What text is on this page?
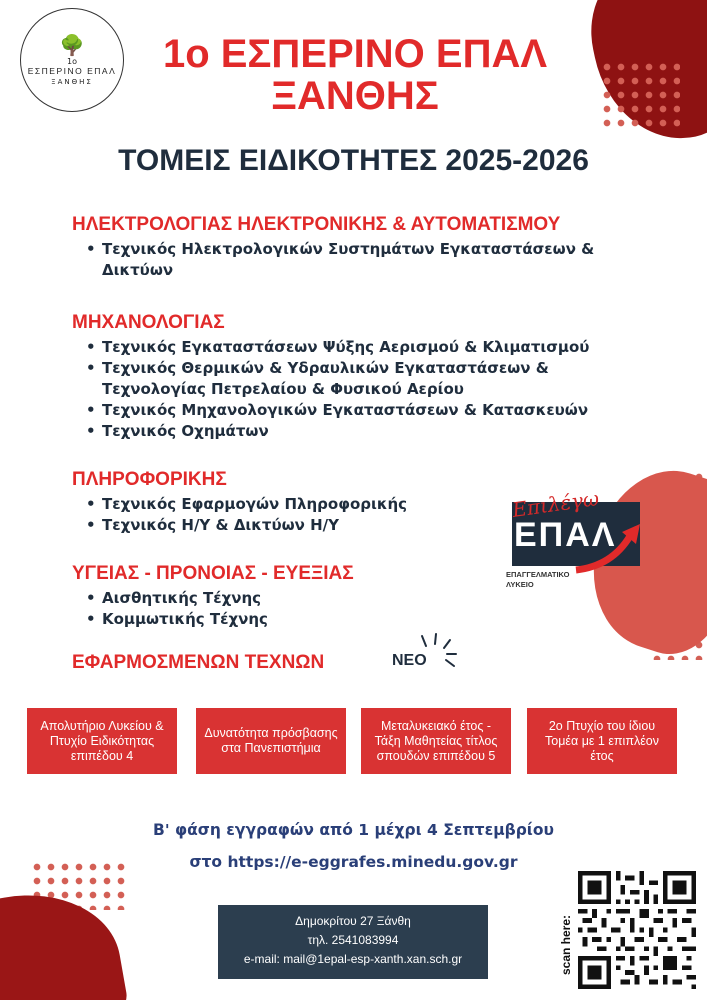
🌳
1ο
ΕΣΠΕΡΙΝΟ ΕΠΑΛ
ΞΑΝΘΗΣ
1ο ΕΣΠΕΡΙΝΟ ΕΠΑΛ
ΞΑΝΘΗΣ
ΤΟΜΕΙΣ ΕΙΔΙΚΟΤΗΤΕΣ 2025-2026
ΗΛΕΚΤΡΟΛΟΓΙΑΣ ΗΛΕΚΤΡΟΝΙΚΗΣ & ΑΥΤΟΜΑΤΙΣΜΟΥ
• Τεχνικός Ηλεκτρολογικών Συστημάτων Εγκαταστάσεων & Δικτύων
ΜΗΧΑΝΟΛΟΓΙΑΣ
• Τεχνικός Εγκαταστάσεων Ψύξης Αερισμού & Κλιματισμού
• Τεχνικός Θερμικών & Υδραυλικών Εγκαταστάσεων & Τεχνολογίας Πετρελαίου & Φυσικού Αερίου
• Τεχνικός Μηχανολογικών Εγκαταστάσεων & Κατασκευών
• Τεχνικός Οχημάτων
ΠΛΗΡΟΦΟΡΙΚΗΣ
• Τεχνικός Εφαρμογών Πληροφορικής
• Τεχνικός Η/Υ & Δικτύων Η/Υ
ΥΓΕΙΑΣ - ΠΡΟΝΟΙΑΣ - ΕΥΕΞΙΑΣ
• Αισθητικής Τέχνης
• Κομμωτικής Τέχνης
ΕΦΑΡΜΟΣΜΕΝΩΝ ΤΕΧΝΩΝ	ΝΕΟ
Επιλέγω
ΕΠΑΛ
ΕΠΑΓΓΕΛΜΑΤΙΚΟ
ΛΥΚΕΙΟ
Απολυτήριο Λυκείου & Πτυχίο Ειδικότητας επιπέδου 4
Δυνατότητα πρόσβασης στα Πανεπιστήμια
Μεταλυκειακό έτος - Τάξη Μαθητείας τίτλος σπουδών επιπέδου 5
2ο Πτυχίο του ίδιου Τομέα με 1 επιπλέον έτος
Β' φάση εγγραφών από 1 μέχρι 4 Σεπτεμβρίου
στο https://e-eggrafes.minedu.gov.gr
Δημοκρίτου 27 Ξάνθη
τηλ. 2541083994
e-mail: mail@1epal-esp-xanth.xan.sch.gr	scan here:
